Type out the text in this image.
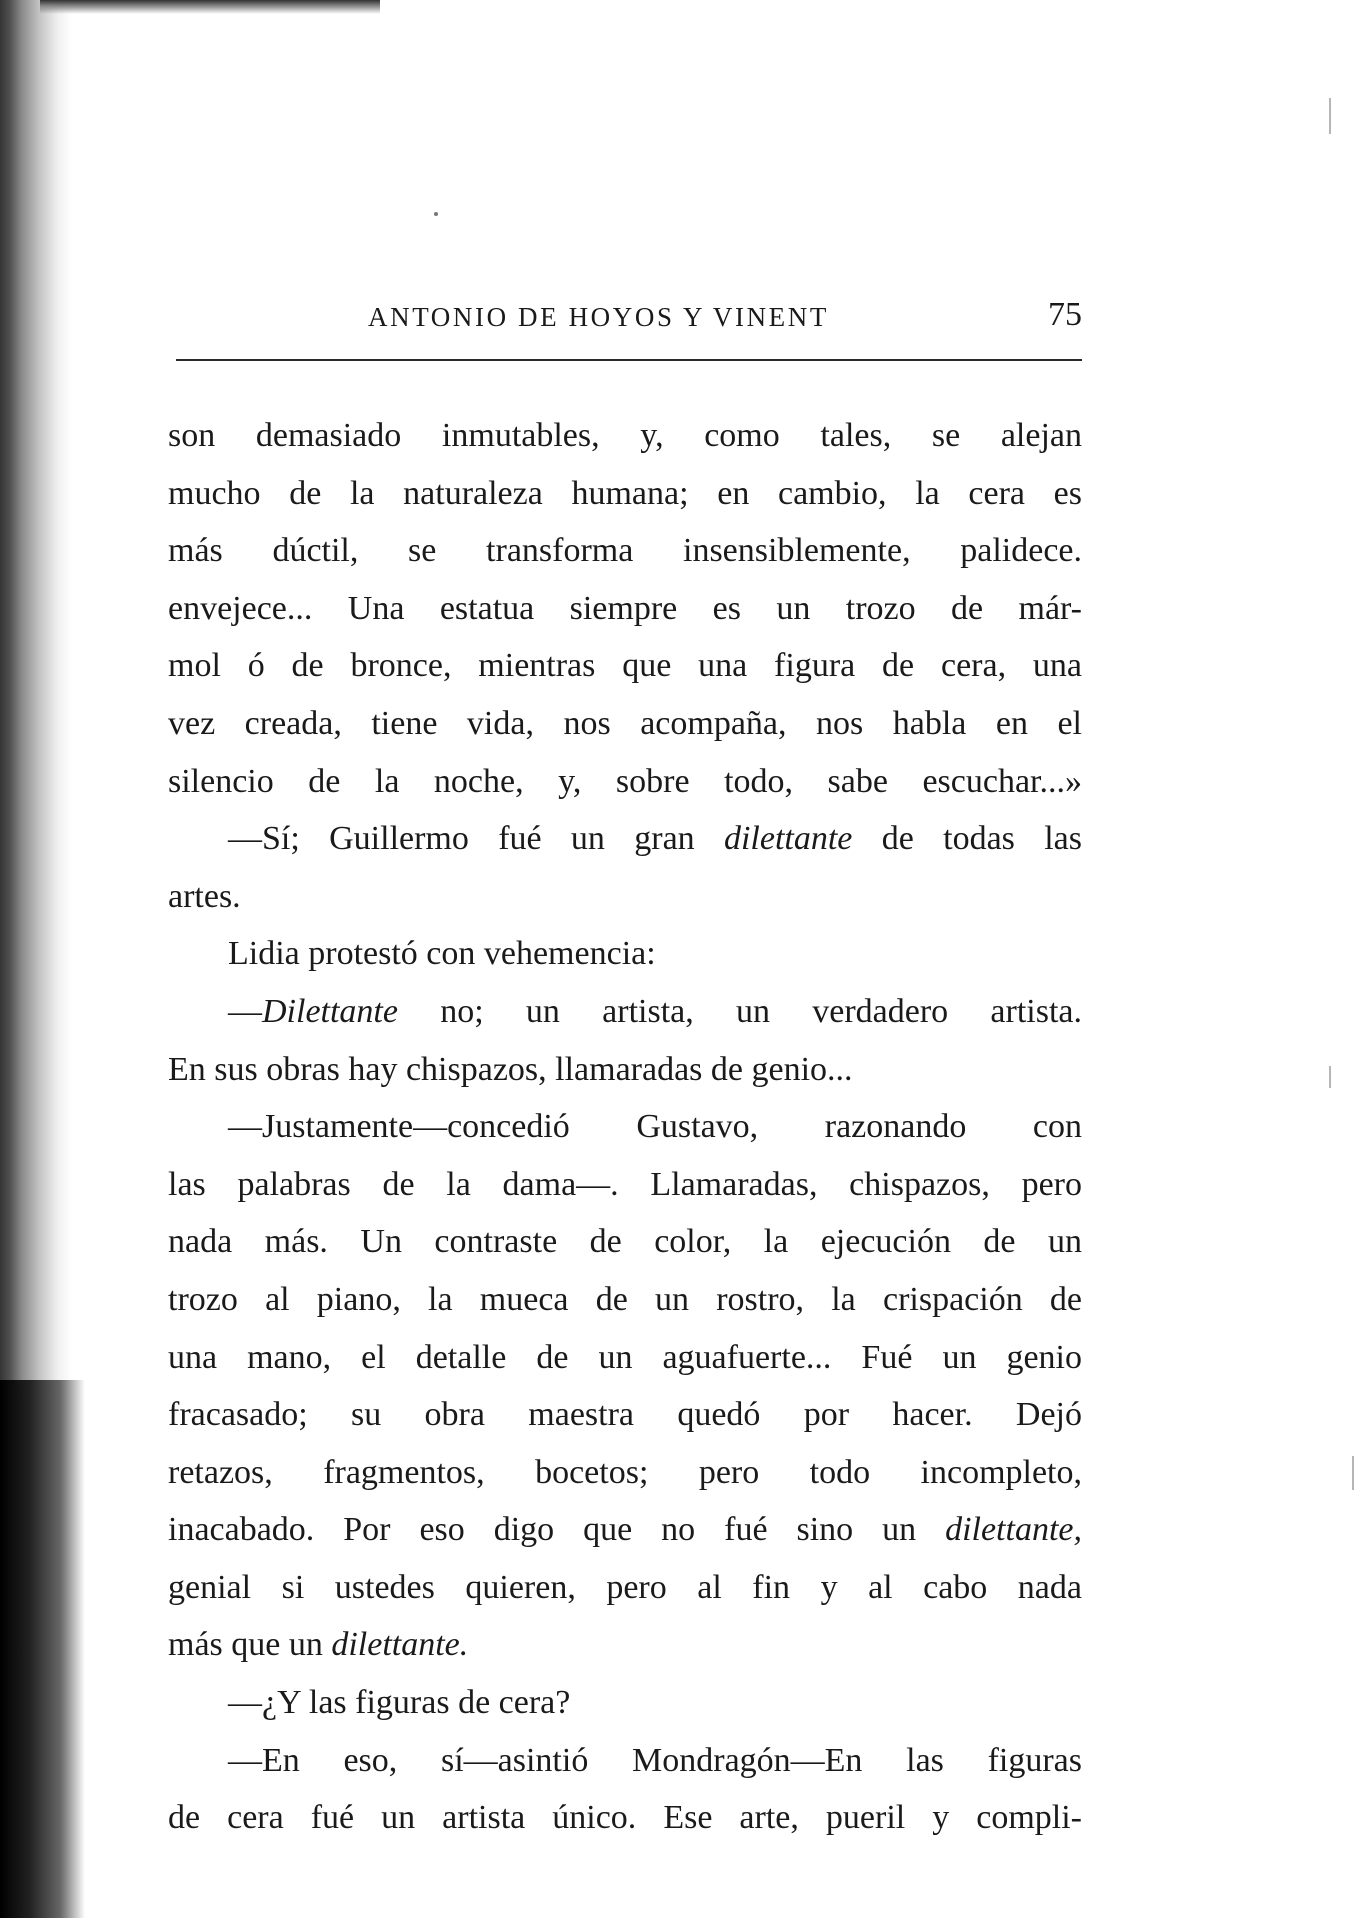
ANTONIO DE HOYOS Y VINENT	75
son demasiado inmutables, y, como tales, se alejan
mucho de la naturaleza humana; en cambio, la cera es
más dúctil, se transforma insensiblemente, palidece.
envejece... Una estatua siempre es un trozo de már-
mol ó de bronce, mientras que una figura de cera, una
vez creada, tiene vida, nos acompaña, nos habla en el
silencio de la noche, y, sobre todo, sabe escuchar...»
—Sí; Guillermo fué un gran dilettante de todas las
artes.
Lidia protestó con vehemencia:
—Dilettante no; un artista, un verdadero artista.
En sus obras hay chispazos, llamaradas de genio...
—Justamente—concedió Gustavo, razonando con
las palabras de la dama—. Llamaradas, chispazos, pero
nada más. Un contraste de color, la ejecución de un
trozo al piano, la mueca de un rostro, la crispación de
una mano, el detalle de un aguafuerte... Fué un genio
fracasado; su obra maestra quedó por hacer. Dejó
retazos, fragmentos, bocetos; pero todo incompleto,
inacabado. Por eso digo que no fué sino un dilettante,
genial si ustedes quieren, pero al fin y al cabo nada
más que un dilettante.
—¿Y las figuras de cera?
—En eso, sí—asintió Mondragón—En las figuras
de cera fué un artista único. Ese arte, pueril y compli-
